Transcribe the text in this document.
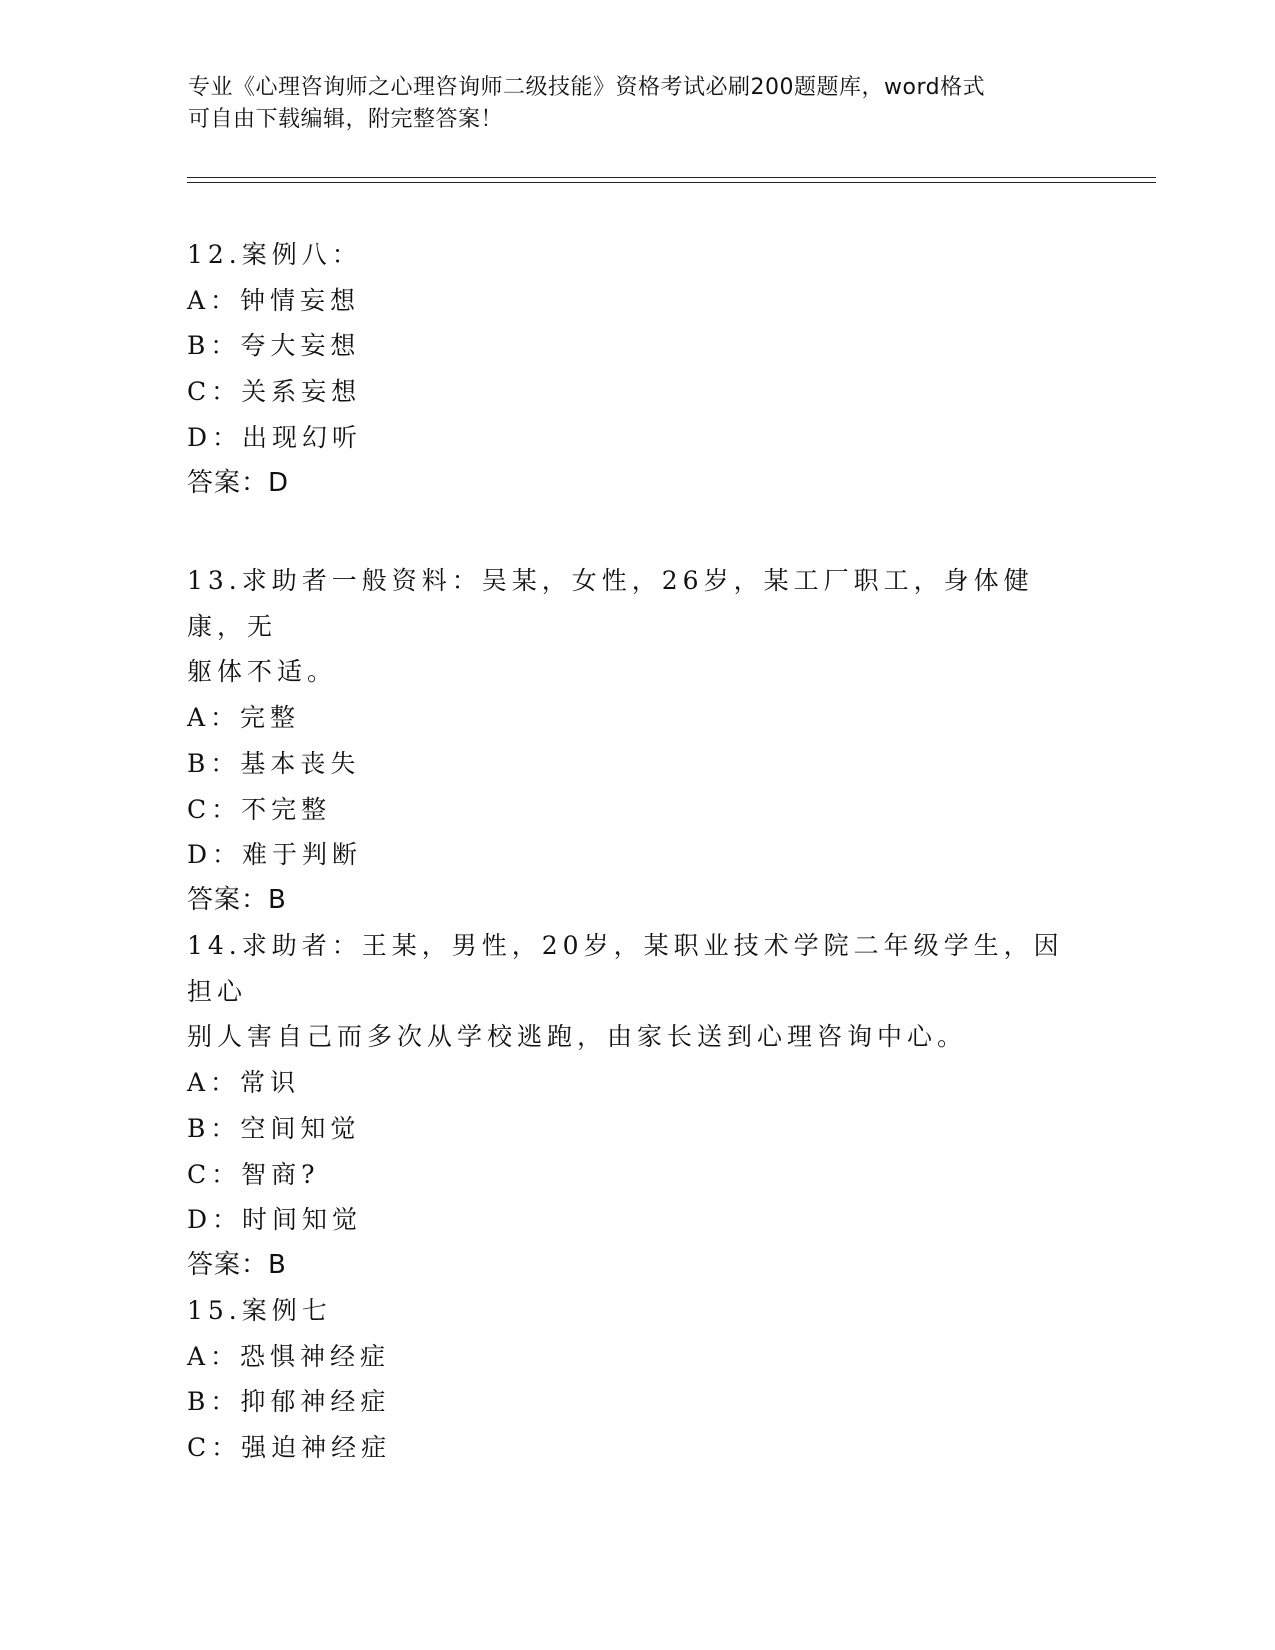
专业《心理咨询师之心理咨询师二级技能》资格考试必刷200题题库，word格式
可自由下载编辑，附完整答案！
12.案例八：
A：钟情妄想
B：夸大妄想
C：关系妄想
D：出现幻听
答案：D
13.求助者一般资料：吴某，女性，26岁，某工厂职工，身体健康，无
躯体不适。
A：完整
B：基本丧失
C：不完整
D：难于判断
答案：B
14.求助者：王某，男性，20岁，某职业技术学院二年级学生，因担心
别人害自己而多次从学校逃跑，由家长送到心理咨询中心。
A：常识
B：空间知觉
C：智商?
D：时间知觉
答案：B
15.案例七
A：恐惧神经症
B：抑郁神经症
C：强迫神经症
